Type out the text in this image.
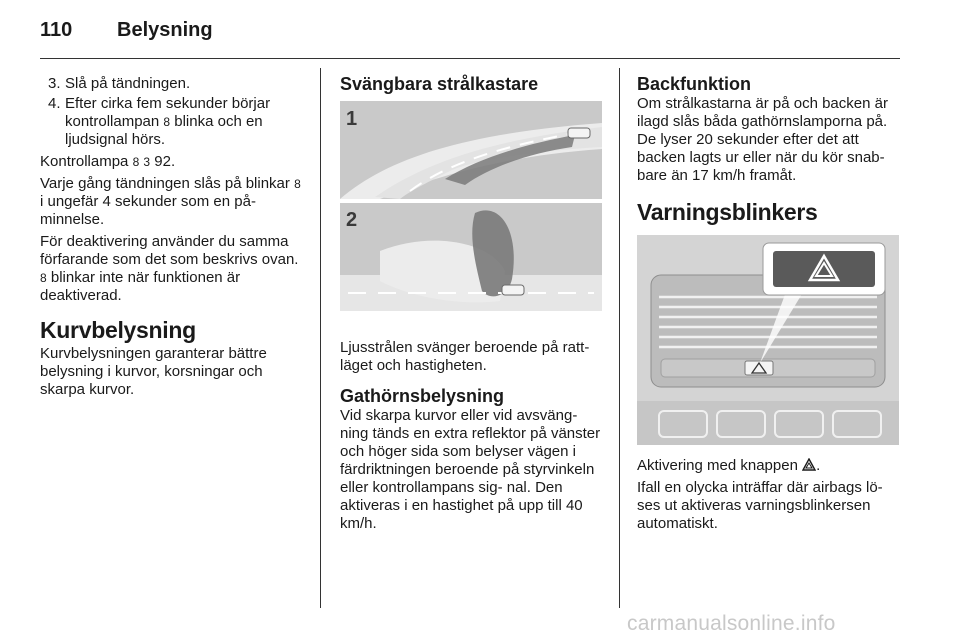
110 Belysning
3. Slå på tändningen.
4. Efter cirka fem sekunder börjar kontrollampan 8 blinka och en ljudsignal hörs.

Kontrollampa 8 3 92.

Varje gång tändningen slås på blinkar 8 i ungefär 4 sekunder som en på- minnelse.

För deaktivering använder du samma förfarande som det som beskrivs ovan. 8 blinkar inte när funktionen är deaktiverad.

Kurvbelysning

Kurvbelysningen garanterar bättre belysning i kurvor, korsningar och skarpa kurvor.

Svängbara strålkastare
1
2

Ljusstrålen svänger beroende på ratt- läget och hastigheten.

Gathörnsbelysning

Vid skarpa kurvor eller vid avsväng- ning tänds en extra reflektor på vänster och höger sida som belyser vägen i färdriktningen beroende på styrvinkeln eller kontrollampans sig- nal. Den aktiveras i en hastighet på upp till 40 km/h.

Backfunktion

Om strålkastarna är på och backen är ilagd slås båda gathörnslamporna på. De lyser 20 sekunder efter det att backen lagts ur eller när du kör snab- bare än 17 km/h framåt.

Varningsblinkers

Aktivering med knappen .

Ifall en olycka inträffar där airbags lö- ses ut aktiveras varningsblinkersen automatiskt.

carmanualsonline.info
